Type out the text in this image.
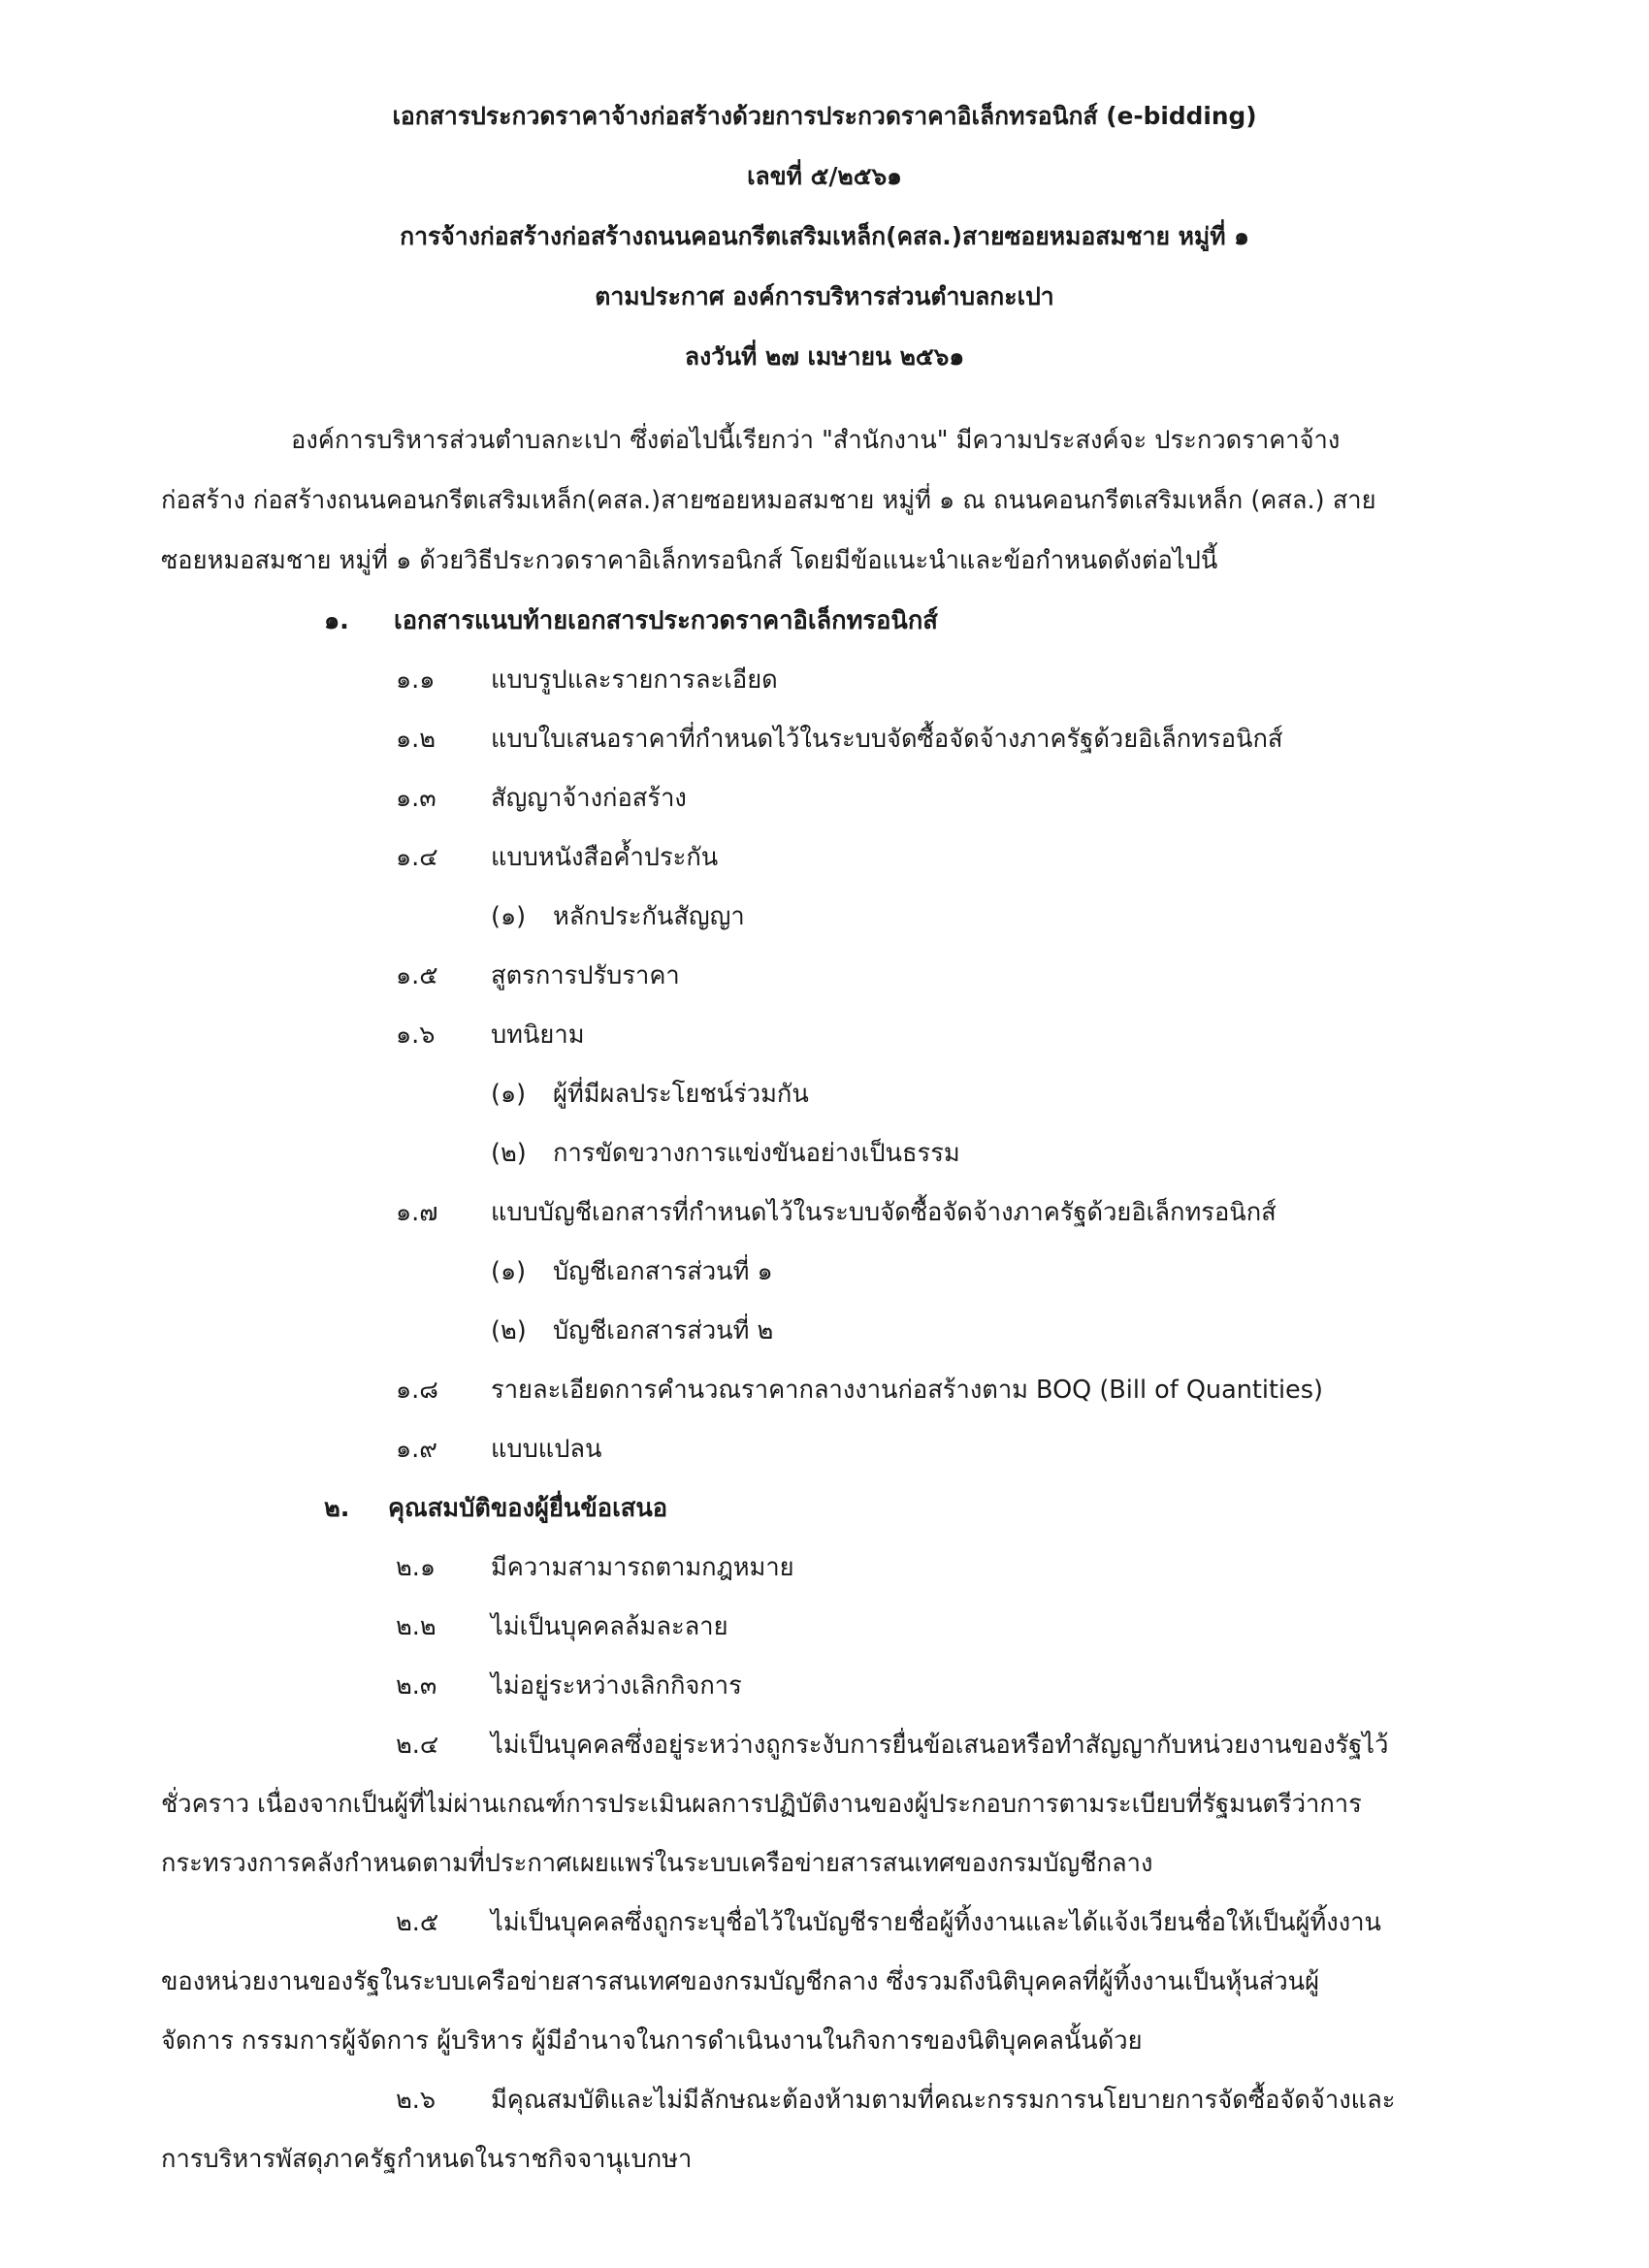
เอกสารประกวดราคาจ้างก่อสร้างด้วยการประกวดราคาอิเล็กทรอนิกส์ (e-bidding)
เลขที่ ๕/๒๕๖๑
การจ้างก่อสร้างก่อสร้างถนนคอนกรีตเสริมเหล็ก(คสล.)สายซอยหมอสมชาย หมู่ที่ ๑
ตามประกาศ องค์การบริหารส่วนตำบลกะเปา
ลงวันที่ ๒๗ เมษายน ๒๕๖๑
องค์การบริหารส่วนตำบลกะเปา ซึ่งต่อไปนี้เรียกว่า "สำนักงาน" มีความประสงค์จะ ประกวดราคาจ้าง
ก่อสร้าง ก่อสร้างถนนคอนกรีตเสริมเหล็ก(คสล.)สายซอยหมอสมชาย หมู่ที่ ๑ ณ ถนนคอนกรีตเสริมเหล็ก (คสล.) สาย
ซอยหมอสมชาย หมู่ที่ ๑ ด้วยวิธีประกวดราคาอิเล็กทรอนิกส์ โดยมีข้อแนะนำและข้อกำหนดดังต่อไปนี้
๑. เอกสารแนบท้ายเอกสารประกวดราคาอิเล็กทรอนิกส์
๑.๑ แบบรูปและรายการละเอียด
๑.๒ แบบใบเสนอราคาที่กำหนดไว้ในระบบจัดซื้อจัดจ้างภาครัฐด้วยอิเล็กทรอนิกส์
๑.๓ สัญญาจ้างก่อสร้าง
๑.๔ แบบหนังสือค้ำประกัน
(๑) หลักประกันสัญญา
๑.๕ สูตรการปรับราคา
๑.๖ บทนิยาม
(๑) ผู้ที่มีผลประโยชน์ร่วมกัน
(๒) การขัดขวางการแข่งขันอย่างเป็นธรรม
๑.๗ แบบบัญชีเอกสารที่กำหนดไว้ในระบบจัดซื้อจัดจ้างภาครัฐด้วยอิเล็กทรอนิกส์
(๑) บัญชีเอกสารส่วนที่ ๑
(๒) บัญชีเอกสารส่วนที่ ๒
๑.๘ รายละเอียดการคำนวณราคากลางงานก่อสร้างตาม BOQ (Bill of Quantities)
๑.๙ แบบแปลน
๒. คุณสมบัติของผู้ยื่นข้อเสนอ
๒.๑ มีความสามารถตามกฎหมาย
๒.๒ ไม่เป็นบุคคลล้มละลาย
๒.๓ ไม่อยู่ระหว่างเลิกกิจการ
๒.๔ ไม่เป็นบุคคลซึ่งอยู่ระหว่างถูกระงับการยื่นข้อเสนอหรือทำสัญญากับหน่วยงานของรัฐไว้
ชั่วคราว เนื่องจากเป็นผู้ที่ไม่ผ่านเกณฑ์การประเมินผลการปฏิบัติงานของผู้ประกอบการตามระเบียบที่รัฐมนตรีว่าการ
กระทรวงการคลังกำหนดตามที่ประกาศเผยแพร่ในระบบเครือข่ายสารสนเทศของกรมบัญชีกลาง
๒.๕ ไม่เป็นบุคคลซึ่งถูกระบุชื่อไว้ในบัญชีรายชื่อผู้ทิ้งงานและได้แจ้งเวียนชื่อให้เป็นผู้ทิ้งงาน
ของหน่วยงานของรัฐในระบบเครือข่ายสารสนเทศของกรมบัญชีกลาง ซึ่งรวมถึงนิติบุคคลที่ผู้ทิ้งงานเป็นหุ้นส่วนผู้
จัดการ กรรมการผู้จัดการ ผู้บริหาร ผู้มีอำนาจในการดำเนินงานในกิจการของนิติบุคคลนั้นด้วย
๒.๖ มีคุณสมบัติและไม่มีลักษณะต้องห้ามตามที่คณะกรรมการนโยบายการจัดซื้อจัดจ้างและ
การบริหารพัสดุภาครัฐกำหนดในราชกิจจานุเบกษา
